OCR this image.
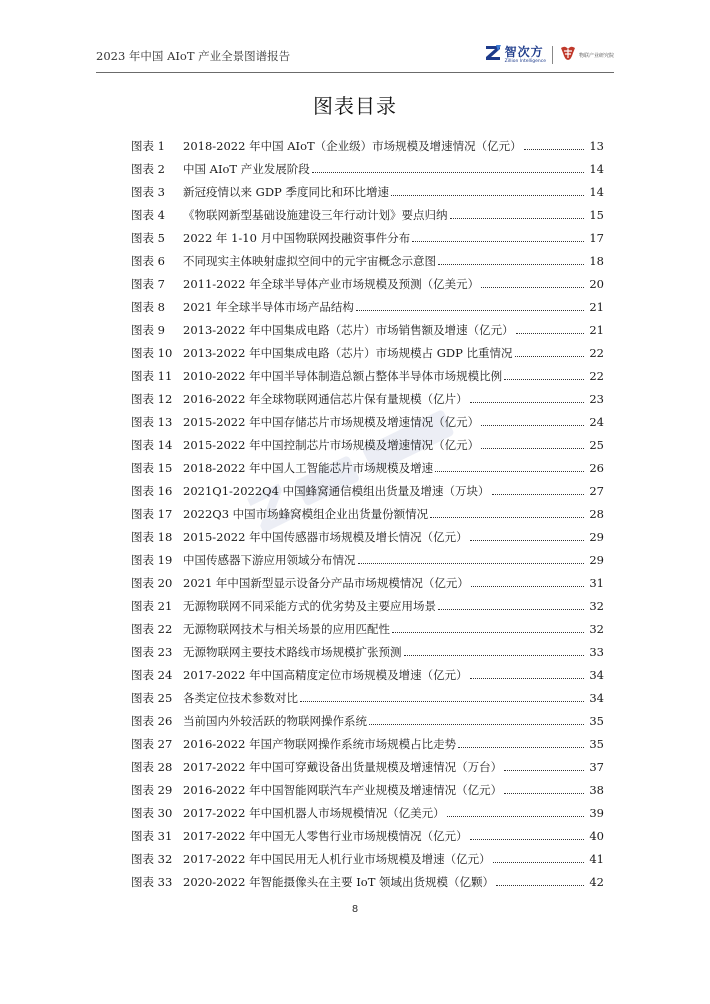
2023 年中国 AIoT 产业全景图谱报告	智次方
Zillion Intelligence
物联产业研究院
图表目录
图表 1	2018-2022 年中国 AIoT（企业级）市场规模及增速情况（亿元）	13
图表 2	中国 AIoT 产业发展阶段	14
图表 3	新冠疫情以来 GDP 季度同比和环比增速	14
图表 4	《物联网新型基础设施建设三年行动计划》要点归纳	15
图表 5	2022 年 1-10 月中国物联网投融资事件分布	17
图表 6	不同现实主体映射虚拟空间中的元宇宙概念示意图	18
图表 7	2011-2022 年全球半导体产业市场规模及预测（亿美元）	20
图表 8	2021 年全球半导体市场产品结构	21
图表 9	2013-2022 年中国集成电路（芯片）市场销售额及增速（亿元）	21
图表 10 2013-2022 年中国集成电路（芯片）市场规模占 GDP 比重情况	22
图表 11 2010-2022 年中国半导体制造总额占整体半导体市场规模比例	22
图表 12 2016-2022 年全球物联网通信芯片保有量规模（亿片）	23
图表 13 2015-2022 年中国存储芯片市场规模及增速情况（亿元）	24
图表 14 2015-2022 年中国控制芯片市场规模及增速情况（亿元）	25
图表 15 2018-2022 年中国人工智能芯片市场规模及增速	26
图表 16 2021Q1-2022Q4 中国蜂窝通信模组出货量及增速（万块）	27
图表 17 2022Q3 中国市场蜂窝模组企业出货量份额情况	28
图表 18 2015-2022 年中国传感器市场规模及增长情况（亿元）	29
图表 19 中国传感器下游应用领域分布情况	29
图表 20 2021 年中国新型显示设备分产品市场规模情况（亿元）	31
图表 21 无源物联网不同采能方式的优劣势及主要应用场景	32
图表 22 无源物联网技术与相关场景的应用匹配性	32
图表 23 无源物联网主要技术路线市场规模扩张预测	33
图表 24 2017-2022 年中国高精度定位市场规模及增速（亿元）	34
图表 25 各类定位技术参数对比	34
图表 26 当前国内外较活跃的物联网操作系统	35
图表 27 2016-2022 年国产物联网操作系统市场规模占比走势	35
图表 28 2017-2022 年中国可穿戴设备出货量规模及增速情况（万台）	37
图表 29 2016-2022 年中国智能网联汽车产业规模及增速情况（亿元）	38
图表 30 2017-2022 年中国机器人市场规模情况（亿美元）	39
图表 31 2017-2022 年中国无人零售行业市场规模情况（亿元）	40
图表 32 2017-2022 年中国民用无人机行业市场规模及增速（亿元）	41
图表 33 2020-2022 年智能摄像头在主要 IoT 领域出货规模（亿颗）	42
8
